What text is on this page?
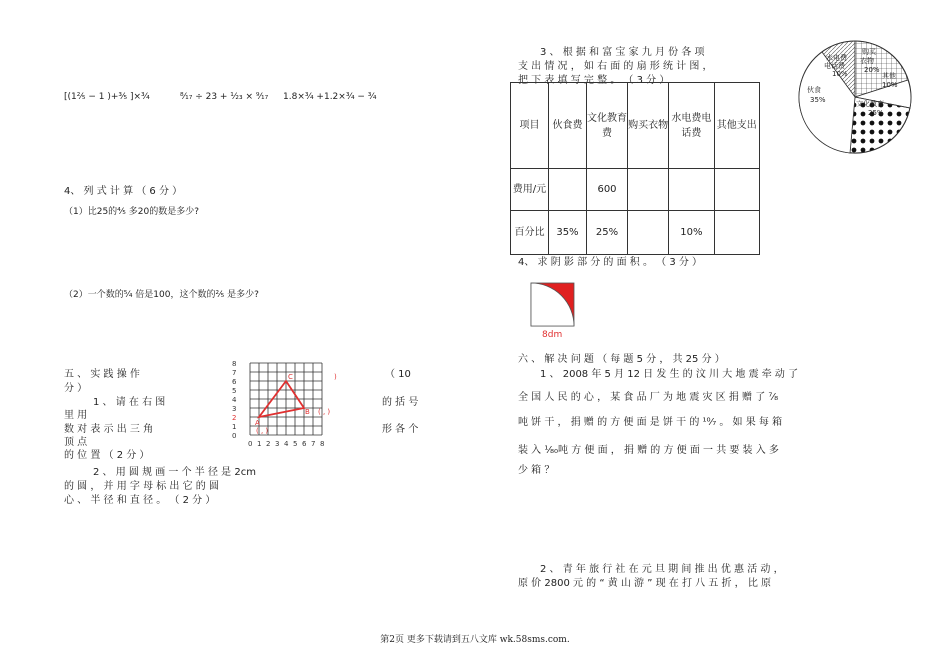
[(1²⁄₅ − 1 )+³⁄₅ ]×³⁄₄	⁸⁄₁₇ ÷ 23 + ¹⁄₂₃ × ⁹⁄₁₇ 1.8×³⁄₄ +1.2×³⁄₄ − ³⁄₄
4、 列 式 计 算 （ 6 分 ）
（1）比25的⁴⁄₅ 多20的数是多少?
（2）一个数的⁵⁄₄ 倍是100，这个数的²⁄₅ 是多少?
五 、 实 践 操 作	（ 10
分 ）
1 、 请 在 右 图	的 括 号
里 用
数 对 表 示 出 三 角	形 各 个
顶 点
的 位 置 （ 2 分 ）
2 、 用 圆 规 画 一 个 半 径 是 2cm
的 圆 ， 并 用 字 母 标 出 它 的 圆
心 、 半 径 和 直 径 。 （ 2 分 ）
8
7
6
5
4
3
2
1
0
0 1 2 3 4 5 6 7 8
A
B
C	)
( , )
( , )
3 、 根 据 和 富 宝 家 九 月 份 各 项
支 出 情 况 ， 如 右 面 的 扇 形 统 计 图 ，
把 下 表 填 写 完 整 。 （ 3 分 ）
项目	伙食费	文化教育费	购买衣物	水电费电话费	其他支出
费用/元		600			
百分比	35%	25%		10%	
购买
衣物
20%
水电费
电话费
10%	其他
10%
伙食
35%	文化教育
25%
4、 求 阴 影 部 分 的 面 积 。 （ 3 分 ）
8dm
六 、 解 决 问 题 （ 每 题 5 分 ， 共 25 分 ）
1 、 2008 年 5 月 12 日 发 生 的 汶 川 大 地 震 牵 动 了
全 国 人 民 的 心 ， 某 食 品 厂 为 地 震 灾 区 捐 赠 了 ⁷⁄₈
吨 饼 干 ， 捐 赠 的 方 便 面 是 饼 干 的 ¹⁰⁄₇ 。 如 果 每 箱
装 入 ¹⁄₈₀吨 方 便 面 ， 捐 赠 的 方 便 面 一 共 要 装 入 多
少 箱 ？
2 、 青 年 旅 行 社 在 元 旦 期 间 推 出 优 惠 活 动 ，
原 价 2800 元 的 “ 黄 山 游 ” 现 在 打 八 五 折 ， 比 原
第2页 更多下载请到五八文库 wk.58sms.com.
